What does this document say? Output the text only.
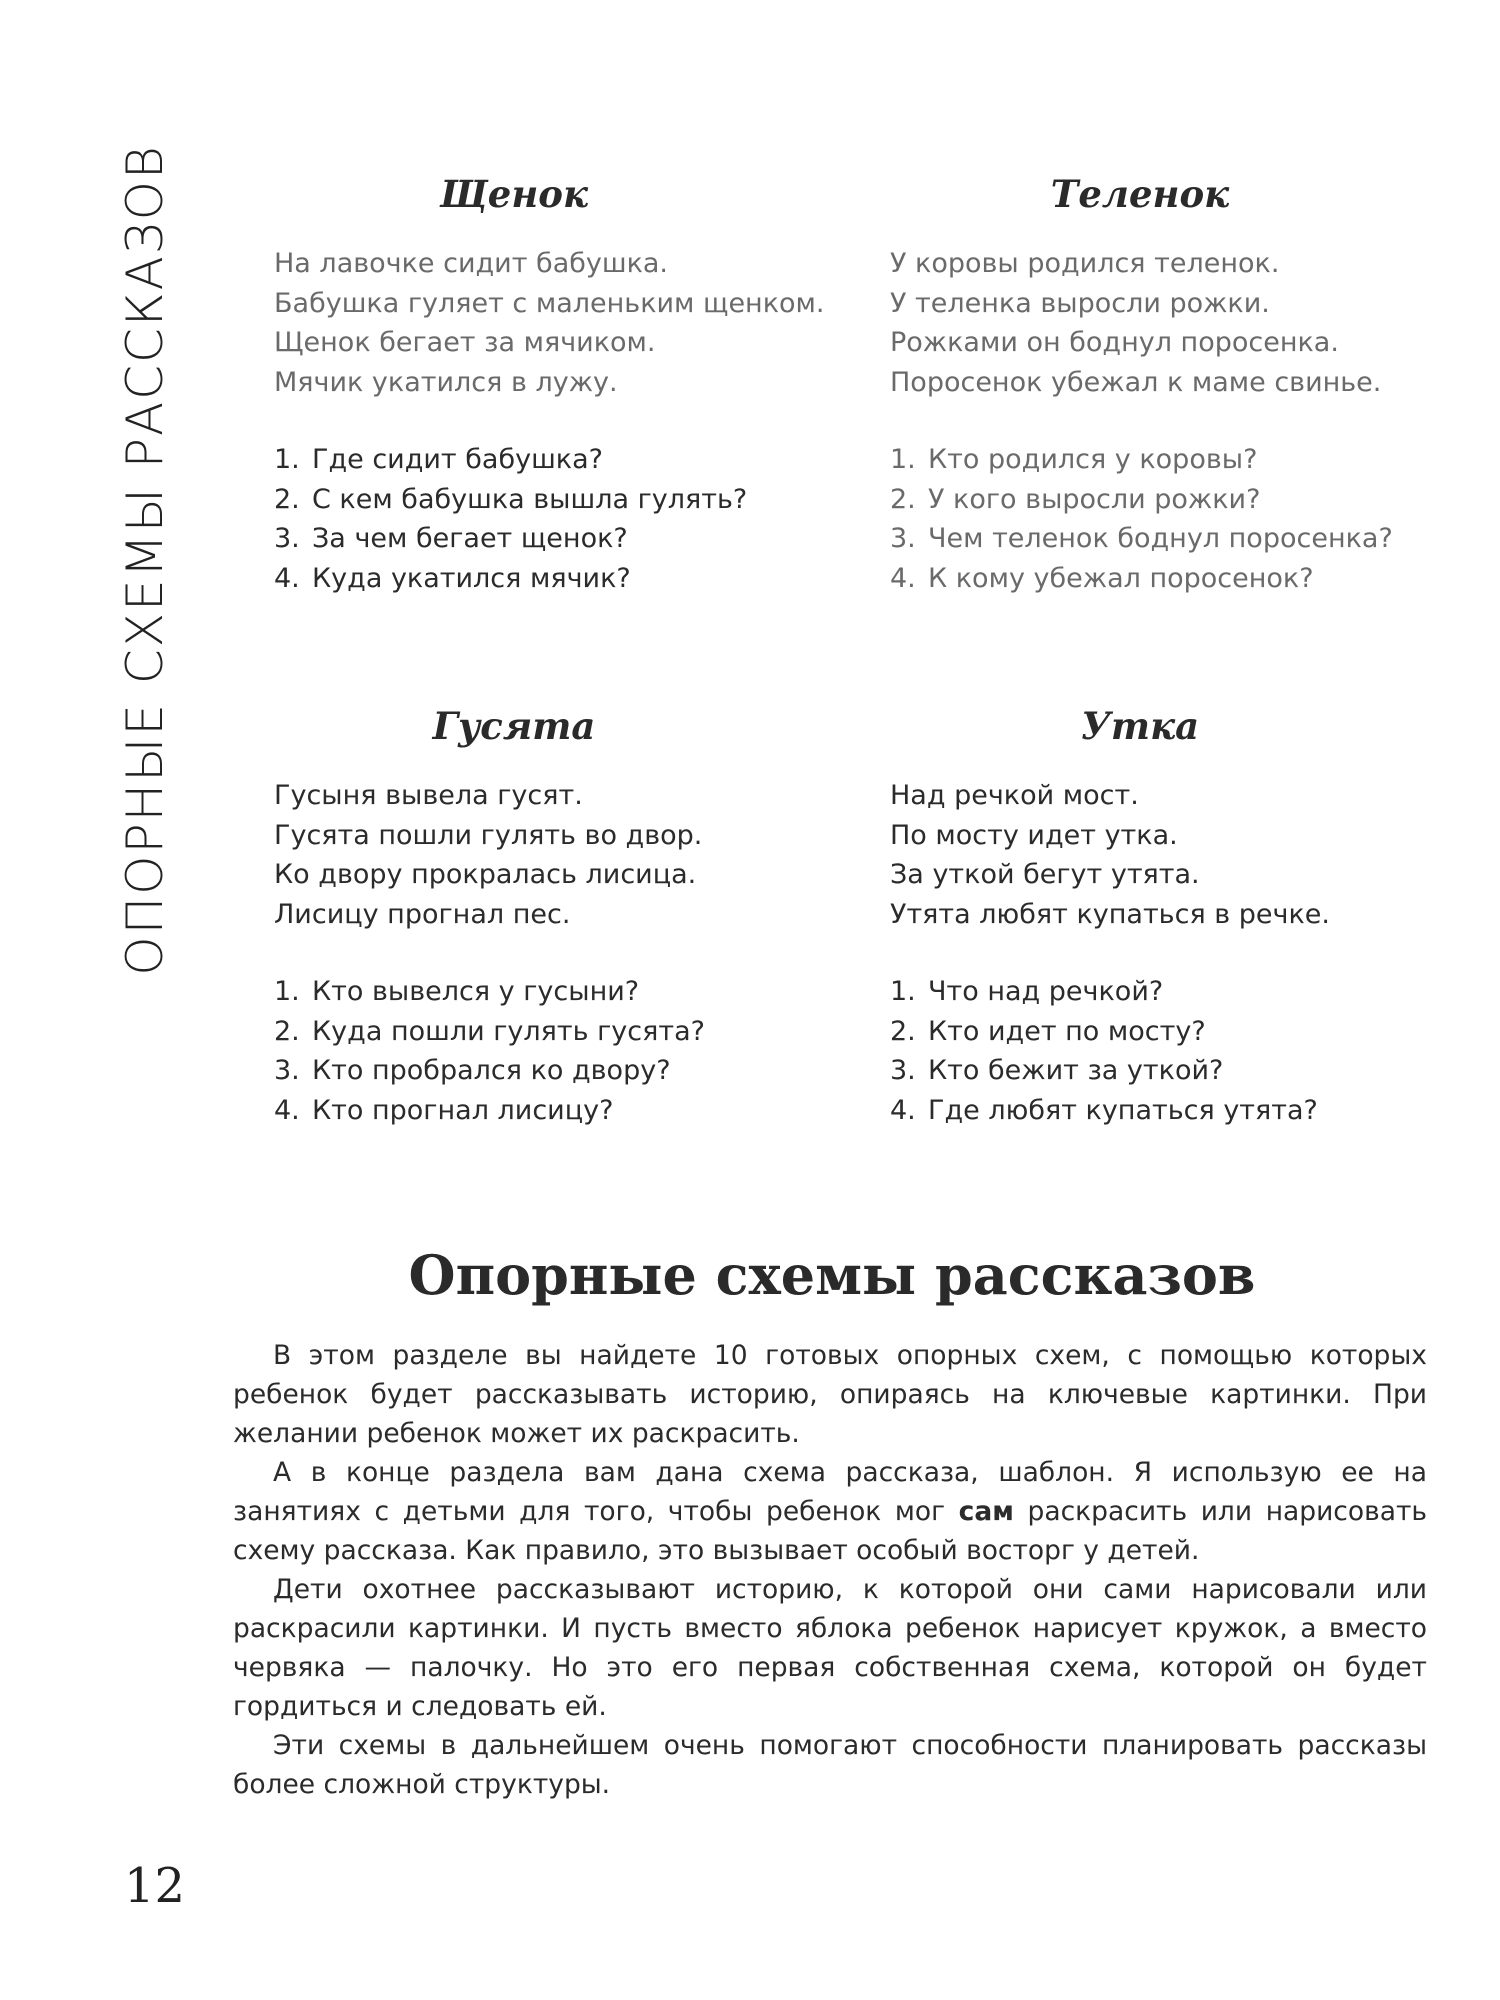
ОПОРНЫЕ СХЕМЫ РАССКАЗОВ	Щенок
На лавочке сидит бабушка.
Бабушка гуляет с маленьким щенком.
Щенок бегает за мячиком.
Мячик укатился в лужу.
1. Где сидит бабушка?
2. С кем бабушка вышла гулять?
3. За чем бегает щенок?
4. Куда укатился мячик?
Теленок
У коровы родился теленок.
У теленка выросли рожки.
Рожками он боднул поросенка.
Поросенок убежал к маме свинье.
1. Кто родился у коровы?
2. У кого выросли рожки?
3. Чем теленок боднул поросенка?
4. К кому убежал поросенок?
Гусята
Гусыня вывела гусят.
Гусята пошли гулять во двор.
Ко двору прокралась лисица.
Лисицу прогнал пес.
1. Кто вывелся у гусыни?
2. Куда пошли гулять гусята?
3. Кто пробрался ко двору?
4. Кто прогнал лисицу?
Утка
Над речкой мост.
По мосту идет утка.
За уткой бегут утята.
Утята любят купаться в речке.
1. Что над речкой?
2. Кто идет по мосту?
3. Кто бежит за уткой?
4. Где любят купаться утята?
Опорные схемы рассказов

В этом разделе вы найдете 10 готовых опорных схем, с помощью которых ребенок будет рассказывать историю, опираясь на ключевые картинки. При желании ребенок может их раскрасить.

А в конце раздела вам дана схема рассказа, шаблон. Я использую ее на занятиях с детьми для того, чтобы ребенок мог сам раскрасить или нарисовать схему рассказа. Как правило, это вызывает особый восторг у детей.

Дети охотнее рассказывают историю, к которой они сами нарисовали или раскрасили картинки. И пусть вместо яблока ребенок нарисует кружок, а вместо червяка — палочку. Но это его первая собственная схема, которой он будет гордиться и следовать ей.

Эти схемы в дальнейшем очень помогают способности планировать рассказы более сложной структуры.

12
